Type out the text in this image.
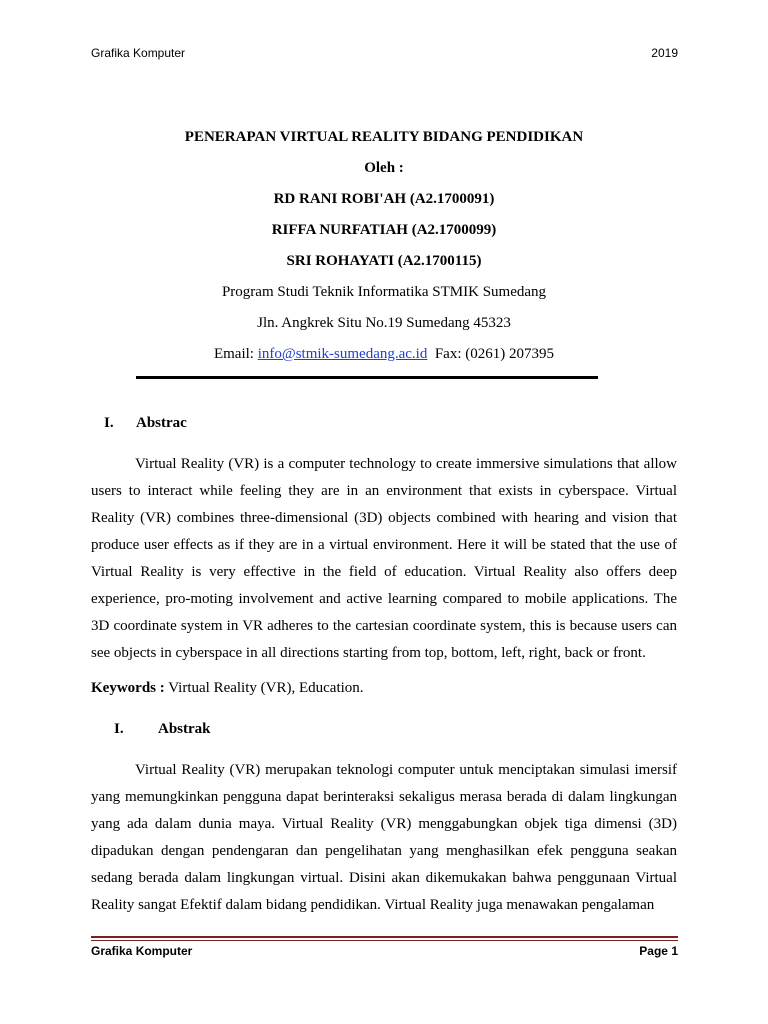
Grafika Komputer	2019
PENERAPAN VIRTUAL REALITY BIDANG PENDIDIKAN
Oleh :
RD RANI ROBI'AH (A2.1700091)
RIFFA NURFATIAH (A2.1700099)
SRI ROHAYATI (A2.1700115)
Program Studi Teknik Informatika STMIK Sumedang
Jln. Angkrek Situ No.19 Sumedang 45323
Email: info@stmik-sumedang.ac.id Fax: (0261) 207395
I. Abstrac
Virtual Reality (VR) is a computer technology to create immersive simulations that allow users to interact while feeling they are in an environment that exists in cyberspace. Virtual Reality (VR) combines three-dimensional (3D) objects combined with hearing and vision that produce user effects as if they are in a virtual environment. Here it will be stated that the use of Virtual Reality is very effective in the field of education. Virtual Reality also offers deep experience, pro-moting involvement and active learning compared to mobile applications. The 3D coordinate system in VR adheres to the cartesian coordinate system, this is because users can see objects in cyberspace in all directions starting from top, bottom, left, right, back or front.
Keywords : Virtual Reality (VR), Education.
I. Abstrak
Virtual Reality (VR) merupakan teknologi computer untuk menciptakan simulasi imersif yang memungkinkan pengguna dapat berinteraksi sekaligus merasa berada di dalam lingkungan yang ada dalam dunia maya. Virtual Reality (VR) menggabungkan objek tiga dimensi (3D) dipadukan dengan pendengaran dan pengelihatan yang menghasilkan efek pengguna seakan sedang berada dalam lingkungan virtual. Disini akan dikemukakan bahwa penggunaan Virtual Reality sangat Efektif dalam bidang pendidikan. Virtual Reality juga menawakan pengalaman
Grafika Komputer	Page 1
